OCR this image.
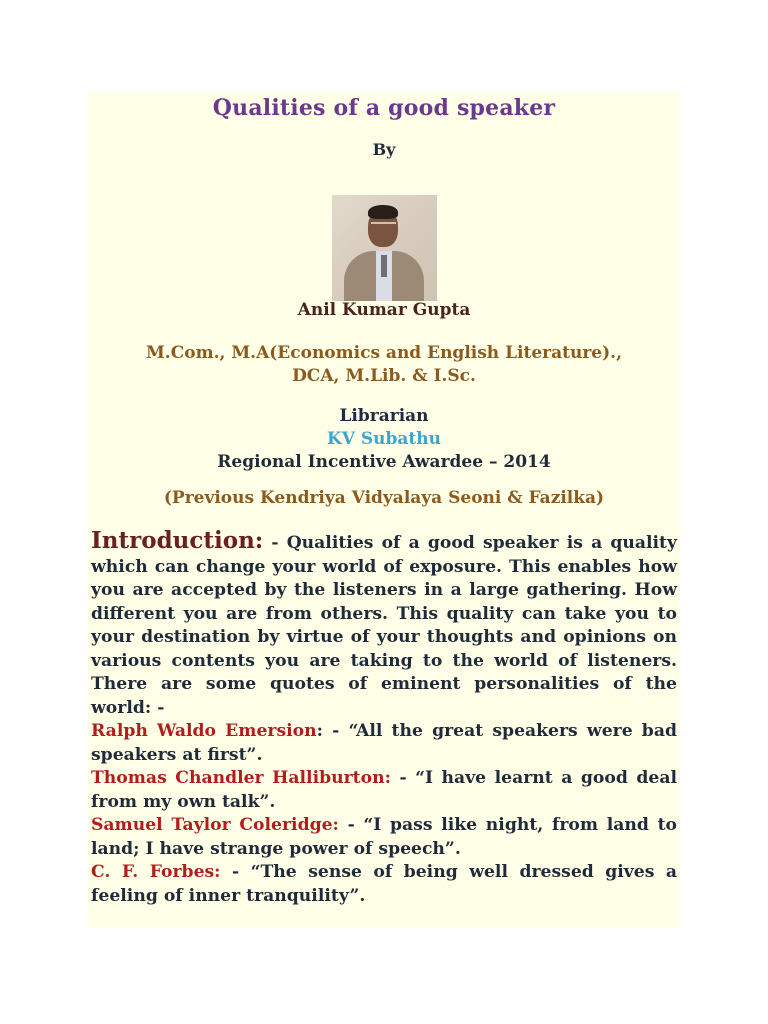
Qualities of a good speaker
By
Anil Kumar Gupta
M.Com., M.A(Economics and English Literature).,
DCA, M.Lib. & I.Sc.
Librarian
KV Subathu
Regional Incentive Awardee – 2014
(Previous Kendriya Vidyalaya Seoni & Fazilka)

Introduction: - Qualities of a good speaker is a quality which can change your world of exposure. This enables how you are accepted by the listeners in a large gathering. How different you are from others. This quality can take you to your destination by virtue of your thoughts and opinions on various contents you are taking to the world of listeners. There are some quotes of eminent personalities of the world: -

Ralph Waldo Emersion: - “All the great speakers were bad speakers at first”.

Thomas Chandler Halliburton: - “I have learnt a good deal from my own talk”.

Samuel Taylor Coleridge: - “I pass like night, from land to land; I have strange power of speech”.

C. F. Forbes: - “The sense of being well dressed gives a feeling of inner tranquility”.
